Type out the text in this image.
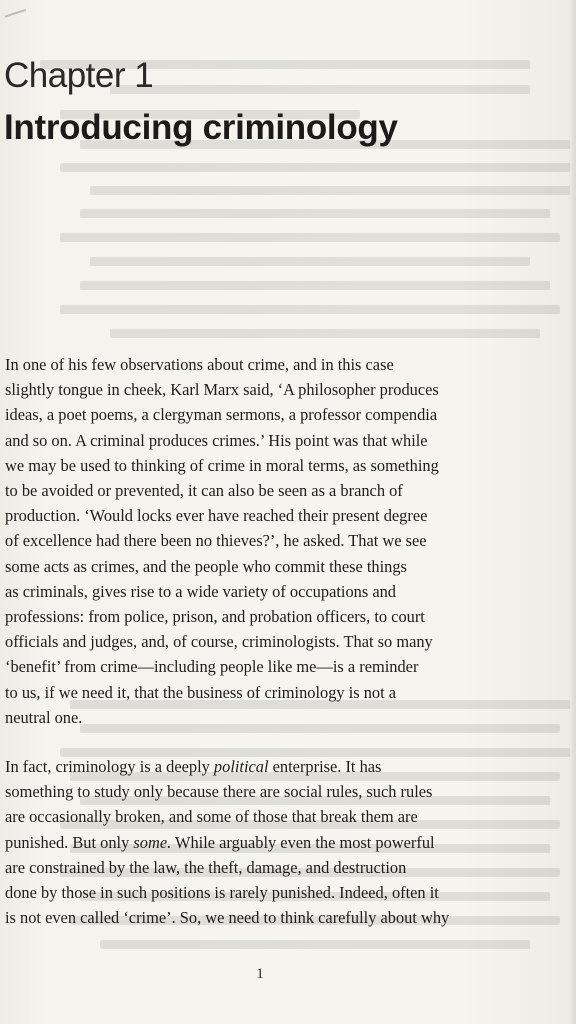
Chapter 1
Introducing criminology

In one of his few observations about crime, and in this case
slightly tongue in cheek, Karl Marx said, ‘A philosopher produces
ideas, a poet poems, a clergyman sermons, a professor compendia
and so on. A criminal produces crimes.’ His point was that while
we may be used to thinking of crime in moral terms, as something
to be avoided or prevented, it can also be seen as a branch of
production. ‘Would locks ever have reached their present degree
of excellence had there been no thieves?’, he asked. That we see
some acts as crimes, and the people who commit these things
as criminals, gives rise to a wide variety of occupations and
professions: from police, prison, and probation officers, to court
officials and judges, and, of course, criminologists. That so many
‘benefit’ from crime—including people like me—is a reminder
to us, if we need it, that the business of criminology is not a
neutral one.

In fact, criminology is a deeply political enterprise. It has
something to study only because there are social rules, such rules
are occasionally broken, and some of those that break them are
punished. But only some. While arguably even the most powerful
are constrained by the law, the theft, damage, and destruction
done by those in such positions is rarely punished. Indeed, often it
is not even called ‘crime’. So, we need to think carefully about why

1
